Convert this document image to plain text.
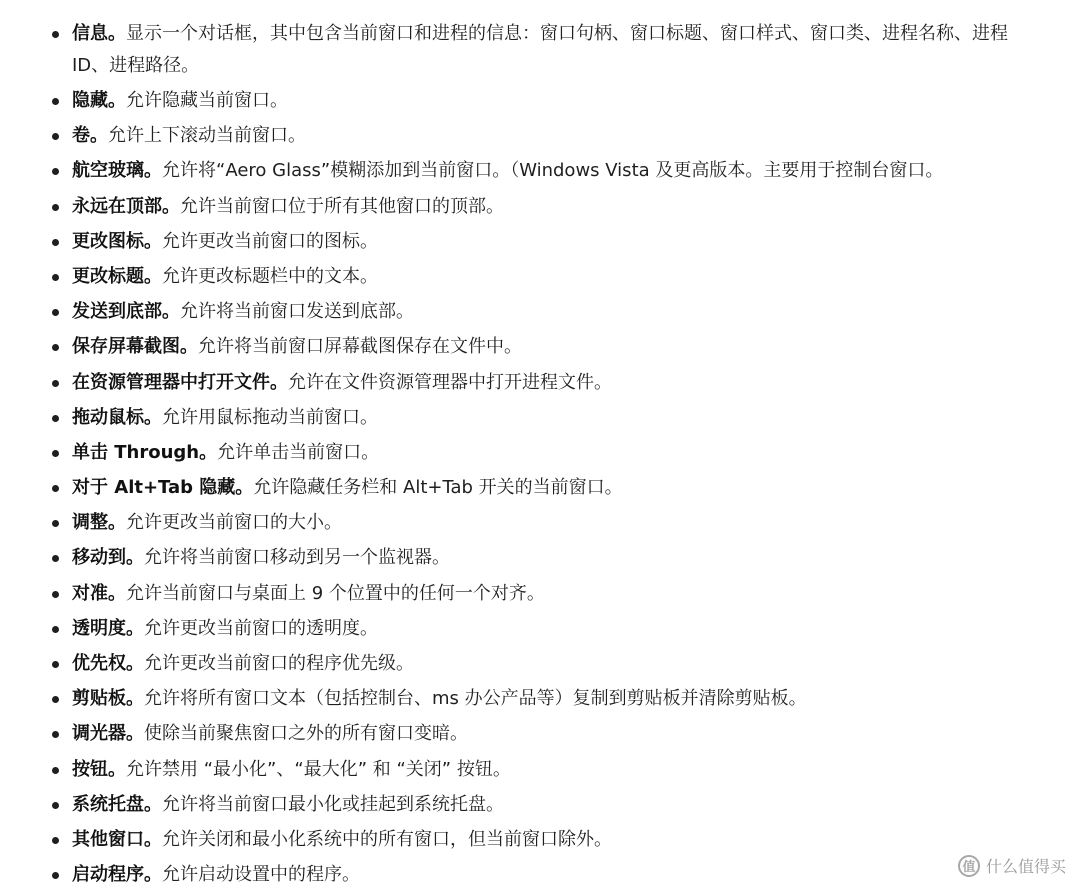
信息。显示一个对话框，其中包含当前窗口和进程的信息：窗口句柄、窗口标题、窗口样式、窗口类、进程名称、进程 ID、进程路径。
隐藏。允许隐藏当前窗口。
卷。允许上下滚动当前窗口。
航空玻璃。允许将“Aero Glass”模糊添加到当前窗口。（Windows Vista 及更高版本。主要用于控制台窗口。
永远在顶部。允许当前窗口位于所有其他窗口的顶部。
更改图标。允许更改当前窗口的图标。
更改标题。允许更改标题栏中的文本。
发送到底部。允许将当前窗口发送到底部。
保存屏幕截图。允许将当前窗口屏幕截图保存在文件中。
在资源管理器中打开文件。允许在文件资源管理器中打开进程文件。
拖动鼠标。允许用鼠标拖动当前窗口。
单击 Through。允许单击当前窗口。
对于 Alt+Tab 隐藏。允许隐藏任务栏和 Alt+Tab 开关的当前窗口。
调整。允许更改当前窗口的大小。
移动到。允许将当前窗口移动到另一个监视器。
对准。允许当前窗口与桌面上 9 个位置中的任何一个对齐。
透明度。允许更改当前窗口的透明度。
优先权。允许更改当前窗口的程序优先级。
剪贴板。允许将所有窗口文本（包括控制台、ms 办公产品等）复制到剪贴板并清除剪贴板。
调光器。使除当前聚焦窗口之外的所有窗口变暗。
按钮。允许禁用 “最小化”、“最大化” 和 “关闭” 按钮。
系统托盘。允许将当前窗口最小化或挂起到系统托盘。
其他窗口。允许关闭和最小化系统中的所有窗口，但当前窗口除外。
启动程序。允许启动设置中的程序。	值 什么值得买
